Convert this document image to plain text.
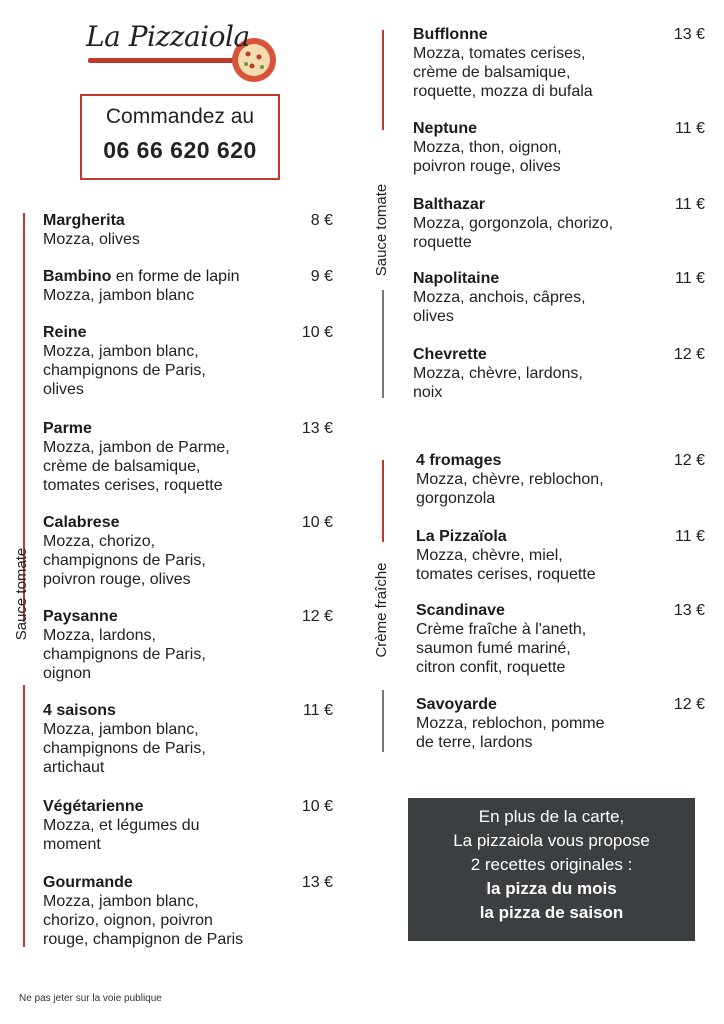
La Pizzaiola
Commandez au
06 66 620 620
Sauce tomate
Margherita
Mozza, olives
8 €
Bambino en forme de lapin
Mozza, jambon blanc
9 €
Reine
Mozza, jambon blanc,
champignons de Paris,
olives
10 €
Parme
Mozza, jambon de Parme,
crème de balsamique,
tomates cerises, roquette
13 €
Calabrese
Mozza, chorizo,
champignons de Paris,
poivron rouge, olives
10 €
Paysanne
Mozza, lardons,
champignons de Paris,
oignon
12 €
4 saisons
Mozza, jambon blanc,
champignons de Paris,
artichaut
11 €
Végétarienne
Mozza, et légumes du
moment
10 €
Gourmande
Mozza, jambon blanc,
chorizo, oignon, poivron
rouge, champignon de Paris
13 €
Sauce tomate
Crème fraîche
Bufflonne
Mozza, tomates cerises,
crème de balsamique,
roquette, mozza di bufala
13 €
Neptune
Mozza, thon, oignon,
poivron rouge, olives
11 €
Balthazar
Mozza, gorgonzola, chorizo,
roquette
11 €
Napolitaine
Mozza, anchois, câpres,
olives
11 €
Chevrette
Mozza, chèvre, lardons,
noix
12 €
4 fromages
Mozza, chèvre, reblochon,
gorgonzola
12 €
La Pizzaïola
Mozza, chèvre, miel,
tomates cerises, roquette
11 €
Scandinave
Crème fraîche à l'aneth,
saumon fumé mariné,
citron confit, roquette
13 €
Savoyarde
Mozza, reblochon, pomme
de terre, lardons
12 €
En plus de la carte,
La pizzaiola vous propose
2 recettes originales :
la pizza du mois
la pizza de saison
Ne pas jeter sur la voie publique
